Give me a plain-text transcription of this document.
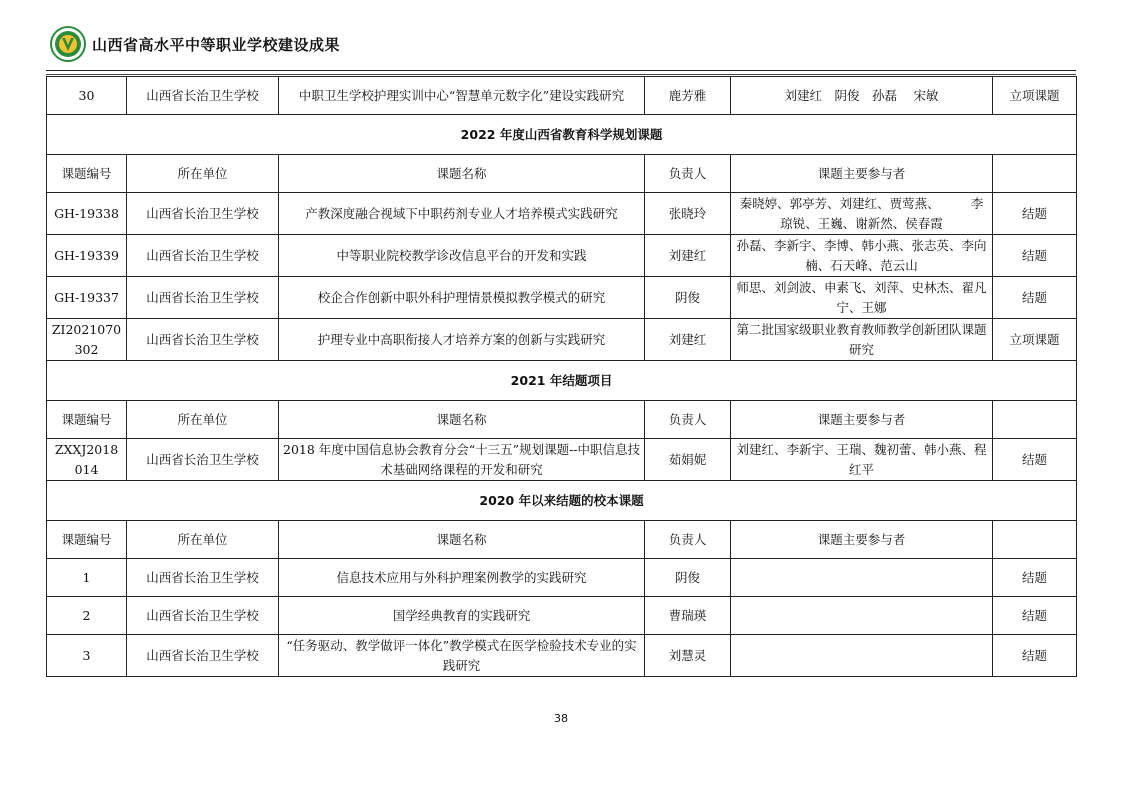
山西省高水平中等职业学校建设成果
30	山西省长治卫生学校	中职卫生学校护理实训中心“智慧单元数字化”建设实践研究	鹿芳雅	刘建红　阴俊　孙磊　 宋敏	立项课题
2022 年度山西省教育科学规划课题					
课题编号	所在单位	课题名称	负责人	课题主要参与者	
GH-19338	山西省长治卫生学校	产教深度融合视域下中职药剂专业人才培养模式实践研究	张晓玲	秦晓婷、郭亭芳、刘建红、贾莺燕、　　　李琼锐、王巍、谢新然、侯春霞	结题
GH-19339	山西省长治卫生学校	中等职业院校教学诊改信息平台的开发和实践	刘建红	孙磊、李新宇、李博、韩小燕、张志英、李向楠、石天峰、范云山	结题
GH-19337	山西省长治卫生学校	校企合作创新中职外科护理情景模拟教学模式的研究	阴俊	师思、刘剑波、申素飞、刘萍、史林杰、翟凡宁、王娜	结题
ZI2021070302	山西省长治卫生学校	护理专业中高职衔接人才培养方案的创新与实践研究	刘建红	第二批国家级职业教育教师教学创新团队课题研究	立项课题
2021 年结题项目					
课题编号	所在单位	课题名称	负责人	课题主要参与者	
ZXXJ2018014	山西省长治卫生学校	2018 年度中国信息协会教育分会“十三五”规划课题--中职信息技术基础网络课程的开发和研究	茹娟妮	刘建红、李新宇、王瑞、魏初蕾、韩小燕、程红平	结题
2020 年以来结题的校本课题					
课题编号	所在单位	课题名称	负责人	课题主要参与者	
1	山西省长治卫生学校	信息技术应用与外科护理案例教学的实践研究	阴俊		结题
2	山西省长治卫生学校	国学经典教育的实践研究	曹瑞瑛		结题
3	山西省长治卫生学校	“任务驱动、教学做评一体化”教学模式在医学检验技术专业的实践研究	刘慧灵		结题
38
